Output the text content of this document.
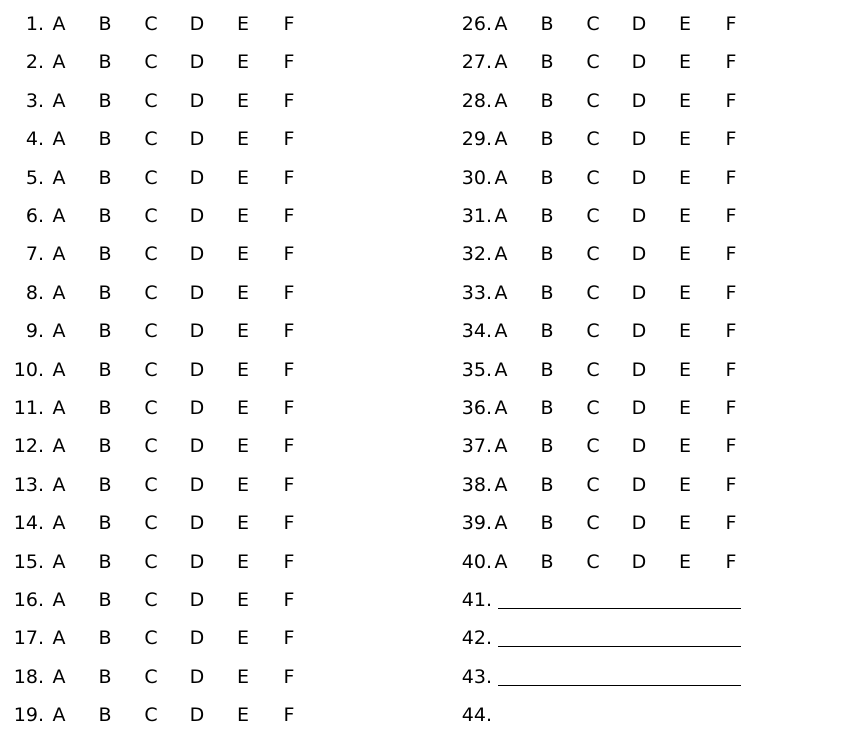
1. A B C D E F
2. A B C D E F
3. A B C D E F
4. A B C D E F
5. A B C D E F
6. A B C D E F
7. A B C D E F
8. A B C D E F
9. A B C D E F
10. A B C D E F
11. A B C D E F
12. A B C D E F
13. A B C D E F
14. A B C D E F
15. A B C D E F
16. A B C D E F
17. A B C D E F
18. A B C D E F
19. A B C D E F
26. A B C D E F
27. A B C D E F
28. A B C D E F
29. A B C D E F
30. A B C D E F
31. A B C D E F
32. A B C D E F
33. A B C D E F
34. A B C D E F
35. A B C D E F
36. A B C D E F
37. A B C D E F
38. A B C D E F
39. A B C D E F
40. A B C D E F
41.
42.
43.
44.
